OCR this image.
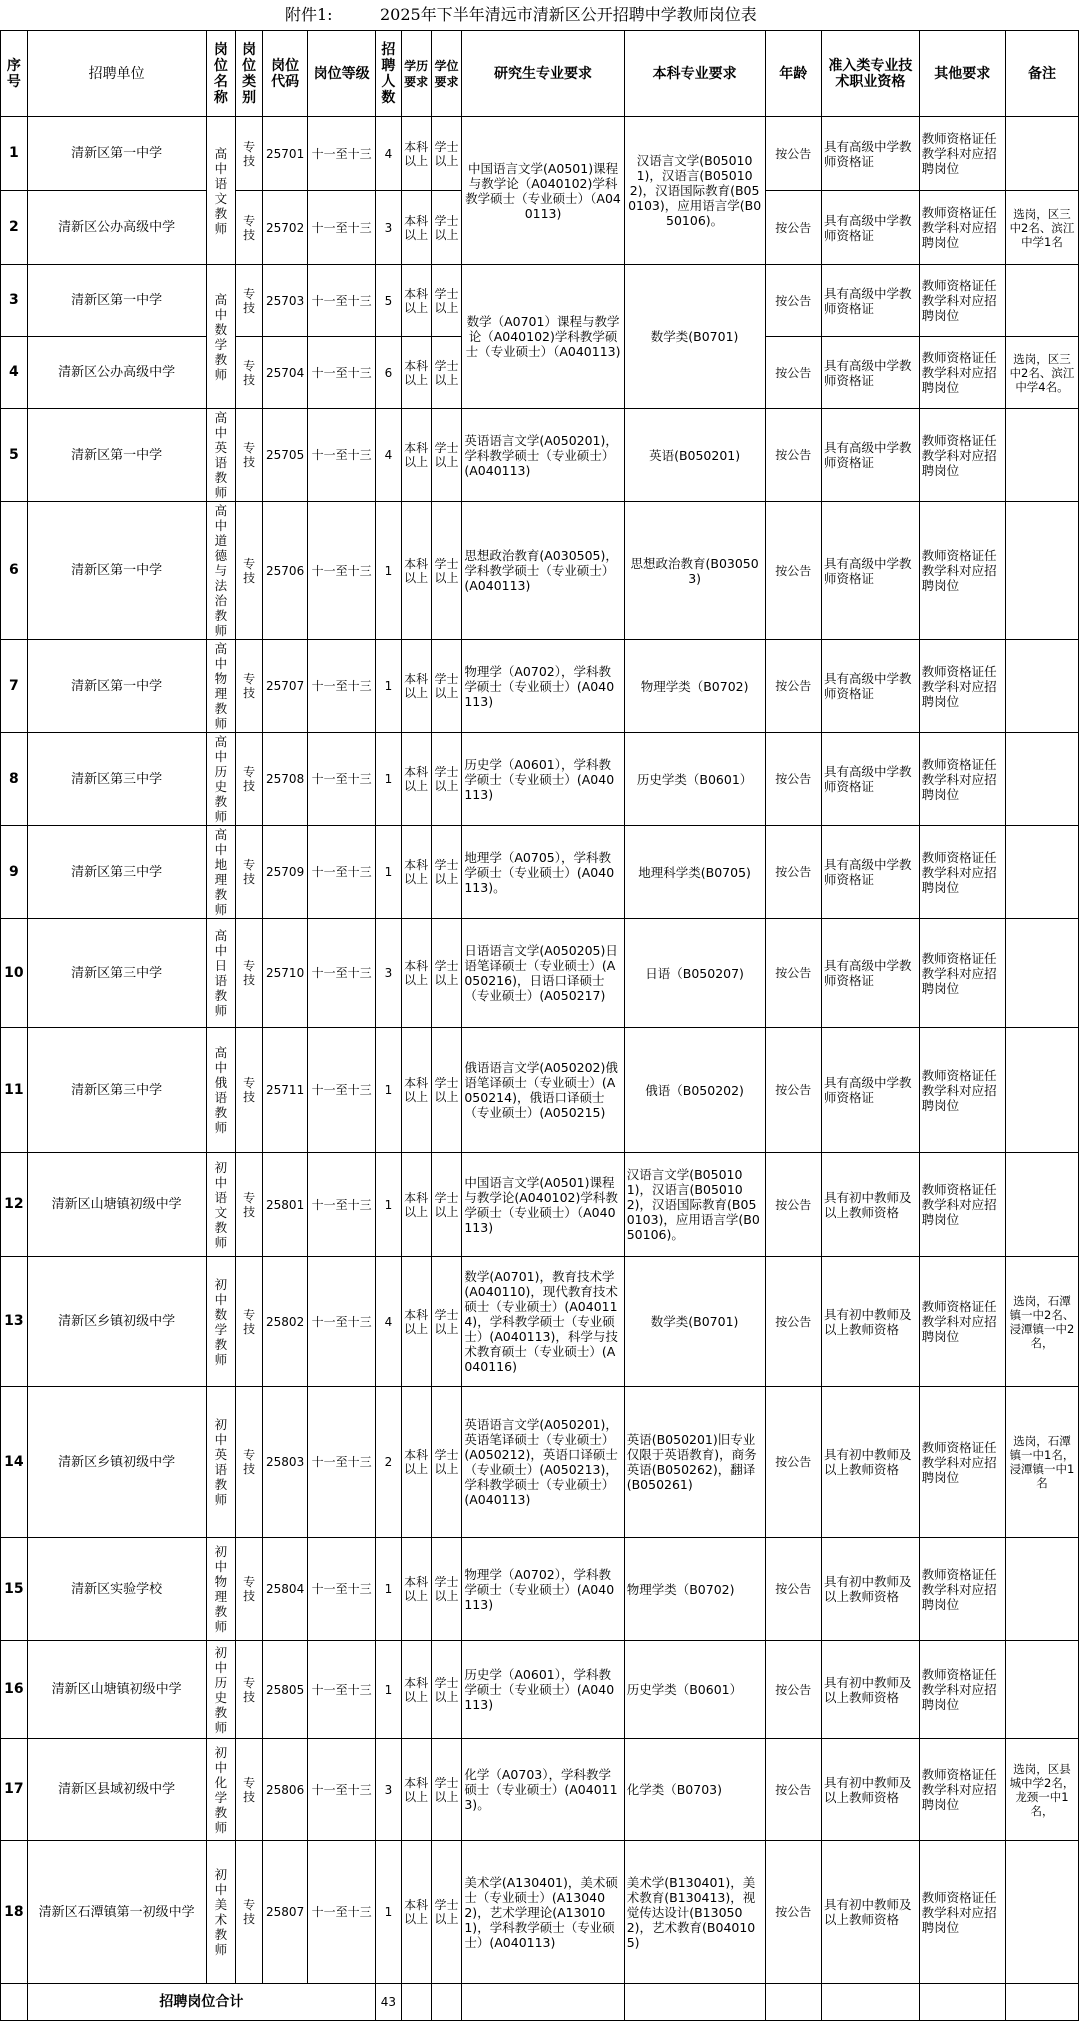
附件1:	2025年下半年清远市清新区公开招聘中学教师岗位表
序号	招聘单位	岗位名称	岗位类别	岗位代码	岗位等级	招聘人数	学历要求	学位要求	研究生专业要求	本科专业要求	年龄	准入类专业技术职业资格	其他要求	备注
1	清新区第一中学	高中语文教师	专技	25701	十一至十三	4	本科以上	学士以上	中国语言文学(A0501)课程与教学论（A040102)学科教学硕士（专业硕士）（A040113)	汉语言文学(B050101)，汉语言(B050102)，汉语国际教育(B050103)，应用语言学(B050106)。	按公告	具有高级中学教师资格证	教师资格证任教学科对应招聘岗位	
2	清新区公办高级中学		专技	25702	十一至十三	3	本科以上	学士以上			按公告	具有高级中学教师资格证	教师资格证任教学科对应招聘岗位	选岗，区三中2名、滨江中学1名
3	清新区第一中学	高中数学教师	专技	25703	十一至十三	5	本科以上	学士以上	数学（A0701）课程与教学论（A040102)学科教学硕士（专业硕士）（A040113)	数学类(B0701)	按公告	具有高级中学教师资格证	教师资格证任教学科对应招聘岗位	
4	清新区公办高级中学		专技	25704	十一至十三	6	本科以上	学士以上			按公告	具有高级中学教师资格证	教师资格证任教学科对应招聘岗位	选岗，区三中2名、滨江中学4名。
5	清新区第一中学	高中英语教师	专技	25705	十一至十三	4	本科以上	学士以上	英语语言文学(A050201)，学科教学硕士（专业硕士）(A040113)	英语(B050201)	按公告	具有高级中学教师资格证	教师资格证任教学科对应招聘岗位	
6	清新区第一中学	高中道德与法治教师	专技	25706	十一至十三	1	本科以上	学士以上	思想政治教育(A030505)，学科教学硕士（专业硕士）(A040113)	思想政治教育(B030503)	按公告	具有高级中学教师资格证	教师资格证任教学科对应招聘岗位	
7	清新区第一中学	高中物理教师	专技	25707	十一至十三	1	本科以上	学士以上	物理学（A0702），学科教学硕士（专业硕士）(A040113)	物理学类（B0702)	按公告	具有高级中学教师资格证	教师资格证任教学科对应招聘岗位	
8	清新区第三中学	高中历史教师	专技	25708	十一至十三	1	本科以上	学士以上	历史学（A0601），学科教学硕士（专业硕士）(A040113)	历史学类（B0601）	按公告	具有高级中学教师资格证	教师资格证任教学科对应招聘岗位	
9	清新区第三中学	高中地理教师	专技	25709	十一至十三	1	本科以上	学士以上	地理学（A0705），学科教学硕士（专业硕士）(A040113)。	地理科学类(B0705)	按公告	具有高级中学教师资格证	教师资格证任教学科对应招聘岗位	
10	清新区第三中学	高中日语教师	专技	25710	十一至十三	3	本科以上	学士以上	日语语言文学(A050205)日语笔译硕士（专业硕士）(A050216)，日语口译硕士（专业硕士）(A050217)	日语（B050207)	按公告	具有高级中学教师资格证	教师资格证任教学科对应招聘岗位	
11	清新区第三中学	高中俄语教师	专技	25711	十一至十三	1	本科以上	学士以上	俄语语言文学(A050202)俄语笔译硕士（专业硕士）(A050214)，俄语口译硕士（专业硕士）(A050215)	俄语（B050202)	按公告	具有高级中学教师资格证	教师资格证任教学科对应招聘岗位	
12	清新区山塘镇初级中学	初中语文教师	专技	25801	十一至十三	1	本科以上	学士以上	中国语言文学(A0501)课程与教学论(A040102)学科教学硕士（专业硕士）（A040113)	汉语言文学(B050101)，汉语言(B050102)，汉语国际教育(B050103)，应用语言学(B050106)。	按公告	具有初中教师及以上教师资格	教师资格证任教学科对应招聘岗位	
13	清新区乡镇初级中学	初中数学教师	专技	25802	十一至十三	4	本科以上	学士以上	数学(A0701)，教育技术学(A040110)，现代教育技术硕士（专业硕士）(A040114)，学科教学硕士（专业硕士）(A040113)，科学与技术教育硕士（专业硕士）(A040116)	数学类(B0701)	按公告	具有初中教师及以上教师资格	教师资格证任教学科对应招聘岗位	选岗，石潭镇一中2名、浸潭镇一中2名，
14	清新区乡镇初级中学	初中英语教师	专技	25803	十一至十三	2	本科以上	学士以上	英语语言文学(A050201)，英语笔译硕士（专业硕士）(A050212)，英语口译硕士（专业硕士）(A050213)，学科教学硕士（专业硕士）(A040113)	英语(B050201)旧专业仅限于英语教育)，商务英语(B050262)，翻译(B050261)	按公告	具有初中教师及以上教师资格	教师资格证任教学科对应招聘岗位	选岗，石潭镇一中1名，浸潭镇一中1名
15	清新区实验学校	初中物理教师	专技	25804	十一至十三	1	本科以上	学士以上	物理学（A0702），学科教学硕士（专业硕士）(A040113)	物理学类（B0702)	按公告	具有初中教师及以上教师资格	教师资格证任教学科对应招聘岗位	
16	清新区山塘镇初级中学	初中历史教师	专技	25805	十一至十三	1	本科以上	学士以上	历史学（A0601），学科教学硕士（专业硕士）(A040113)	历史学类（B0601）	按公告	具有初中教师及以上教师资格	教师资格证任教学科对应招聘岗位	
17	清新区县域初级中学	初中化学教师	专技	25806	十一至十三	3	本科以上	学士以上	化学（A0703），学科教学硕士（专业硕士）(A040113)。	化学类（B0703)	按公告	具有初中教师及以上教师资格	教师资格证任教学科对应招聘岗位	选岗，区县城中学2名，龙颈一中1名，
18	清新区石潭镇第一初级中学	初中美术教师	专技	25807	十一至十三	1	本科以上	学士以上	美术学(A130401)，美术硕士（专业硕士）(A130402)，艺术学理论(A130101)，学科教学硕士（专业硕士）(A040113)	美术学(B130401)，美术教育(B130413)，视觉传达设计(B130502)，艺术教育(B040105)	按公告	具有初中教师及以上教师资格	教师资格证任教学科对应招聘岗位	
	招聘岗位合计					43								
